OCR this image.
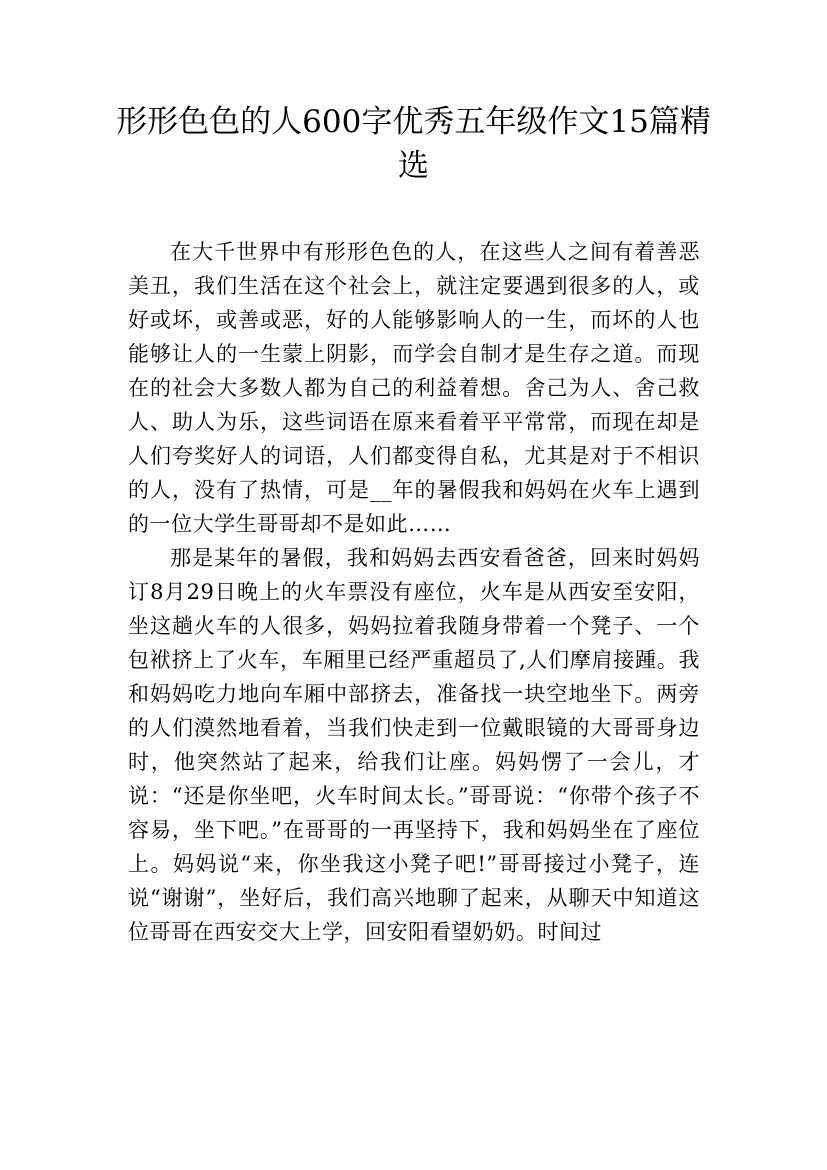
形形色色的人600字优秀五年级作文15篇精选

在大千世界中有形形色色的人，在这些人之间有着善恶美丑，我们生活在这个社会上，就注定要遇到很多的人，或好或坏，或善或恶，好的人能够影响人的一生，而坏的人也能够让人的一生蒙上阴影，而学会自制才是生存之道。而现在的社会大多数人都为自己的利益着想。舍己为人、舍己救人、助人为乐，这些词语在原来看着平平常常，而现在却是人们夸奖好人的词语，人们都变得自私，尤其是对于不相识的人，没有了热情，可是__年的暑假我和妈妈在火车上遇到的一位大学生哥哥却不是如此……

那是某年的暑假，我和妈妈去西安看爸爸，回来时妈妈订8月29日晚上的火车票没有座位，火车是从西安至安阳，坐这趟火车的人很多，妈妈拉着我随身带着一个凳子、一个包袱挤上了火车，车厢里已经严重超员了,人们摩肩接踵。我和妈妈吃力地向车厢中部挤去，准备找一块空地坐下。两旁的人们漠然地看着，当我们快走到一位戴眼镜的大哥哥身边时，他突然站了起来，给我们让座。妈妈愣了一会儿，才说：“还是你坐吧，火车时间太长。”哥哥说：“你带个孩子不容易，坐下吧。”在哥哥的一再坚持下，我和妈妈坐在了座位上。妈妈说“来，你坐我这小凳子吧!”哥哥接过小凳子，连说“谢谢”，坐好后，我们高兴地聊了起来，从聊天中知道这位哥哥在西安交大上学，回安阳看望奶奶。时间过
